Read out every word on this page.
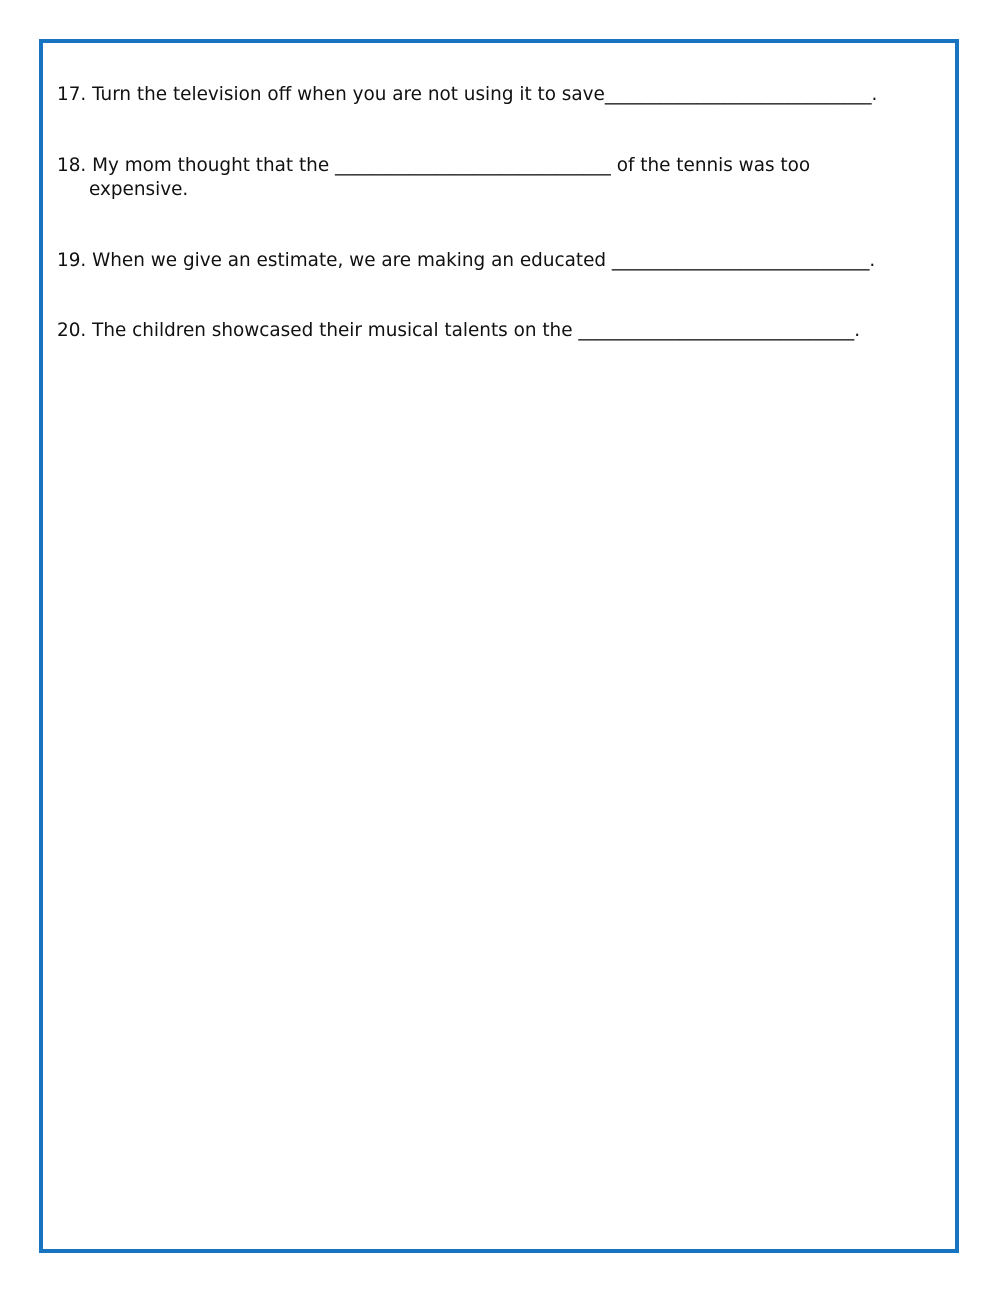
17. Turn the television off when you are not using it to save_____________________________.
18. My mom thought that the ______________________________ of the tennis was too
expensive.
19. When we give an estimate, we are making an educated ____________________________.
20. The children showcased their musical talents on the ______________________________.
